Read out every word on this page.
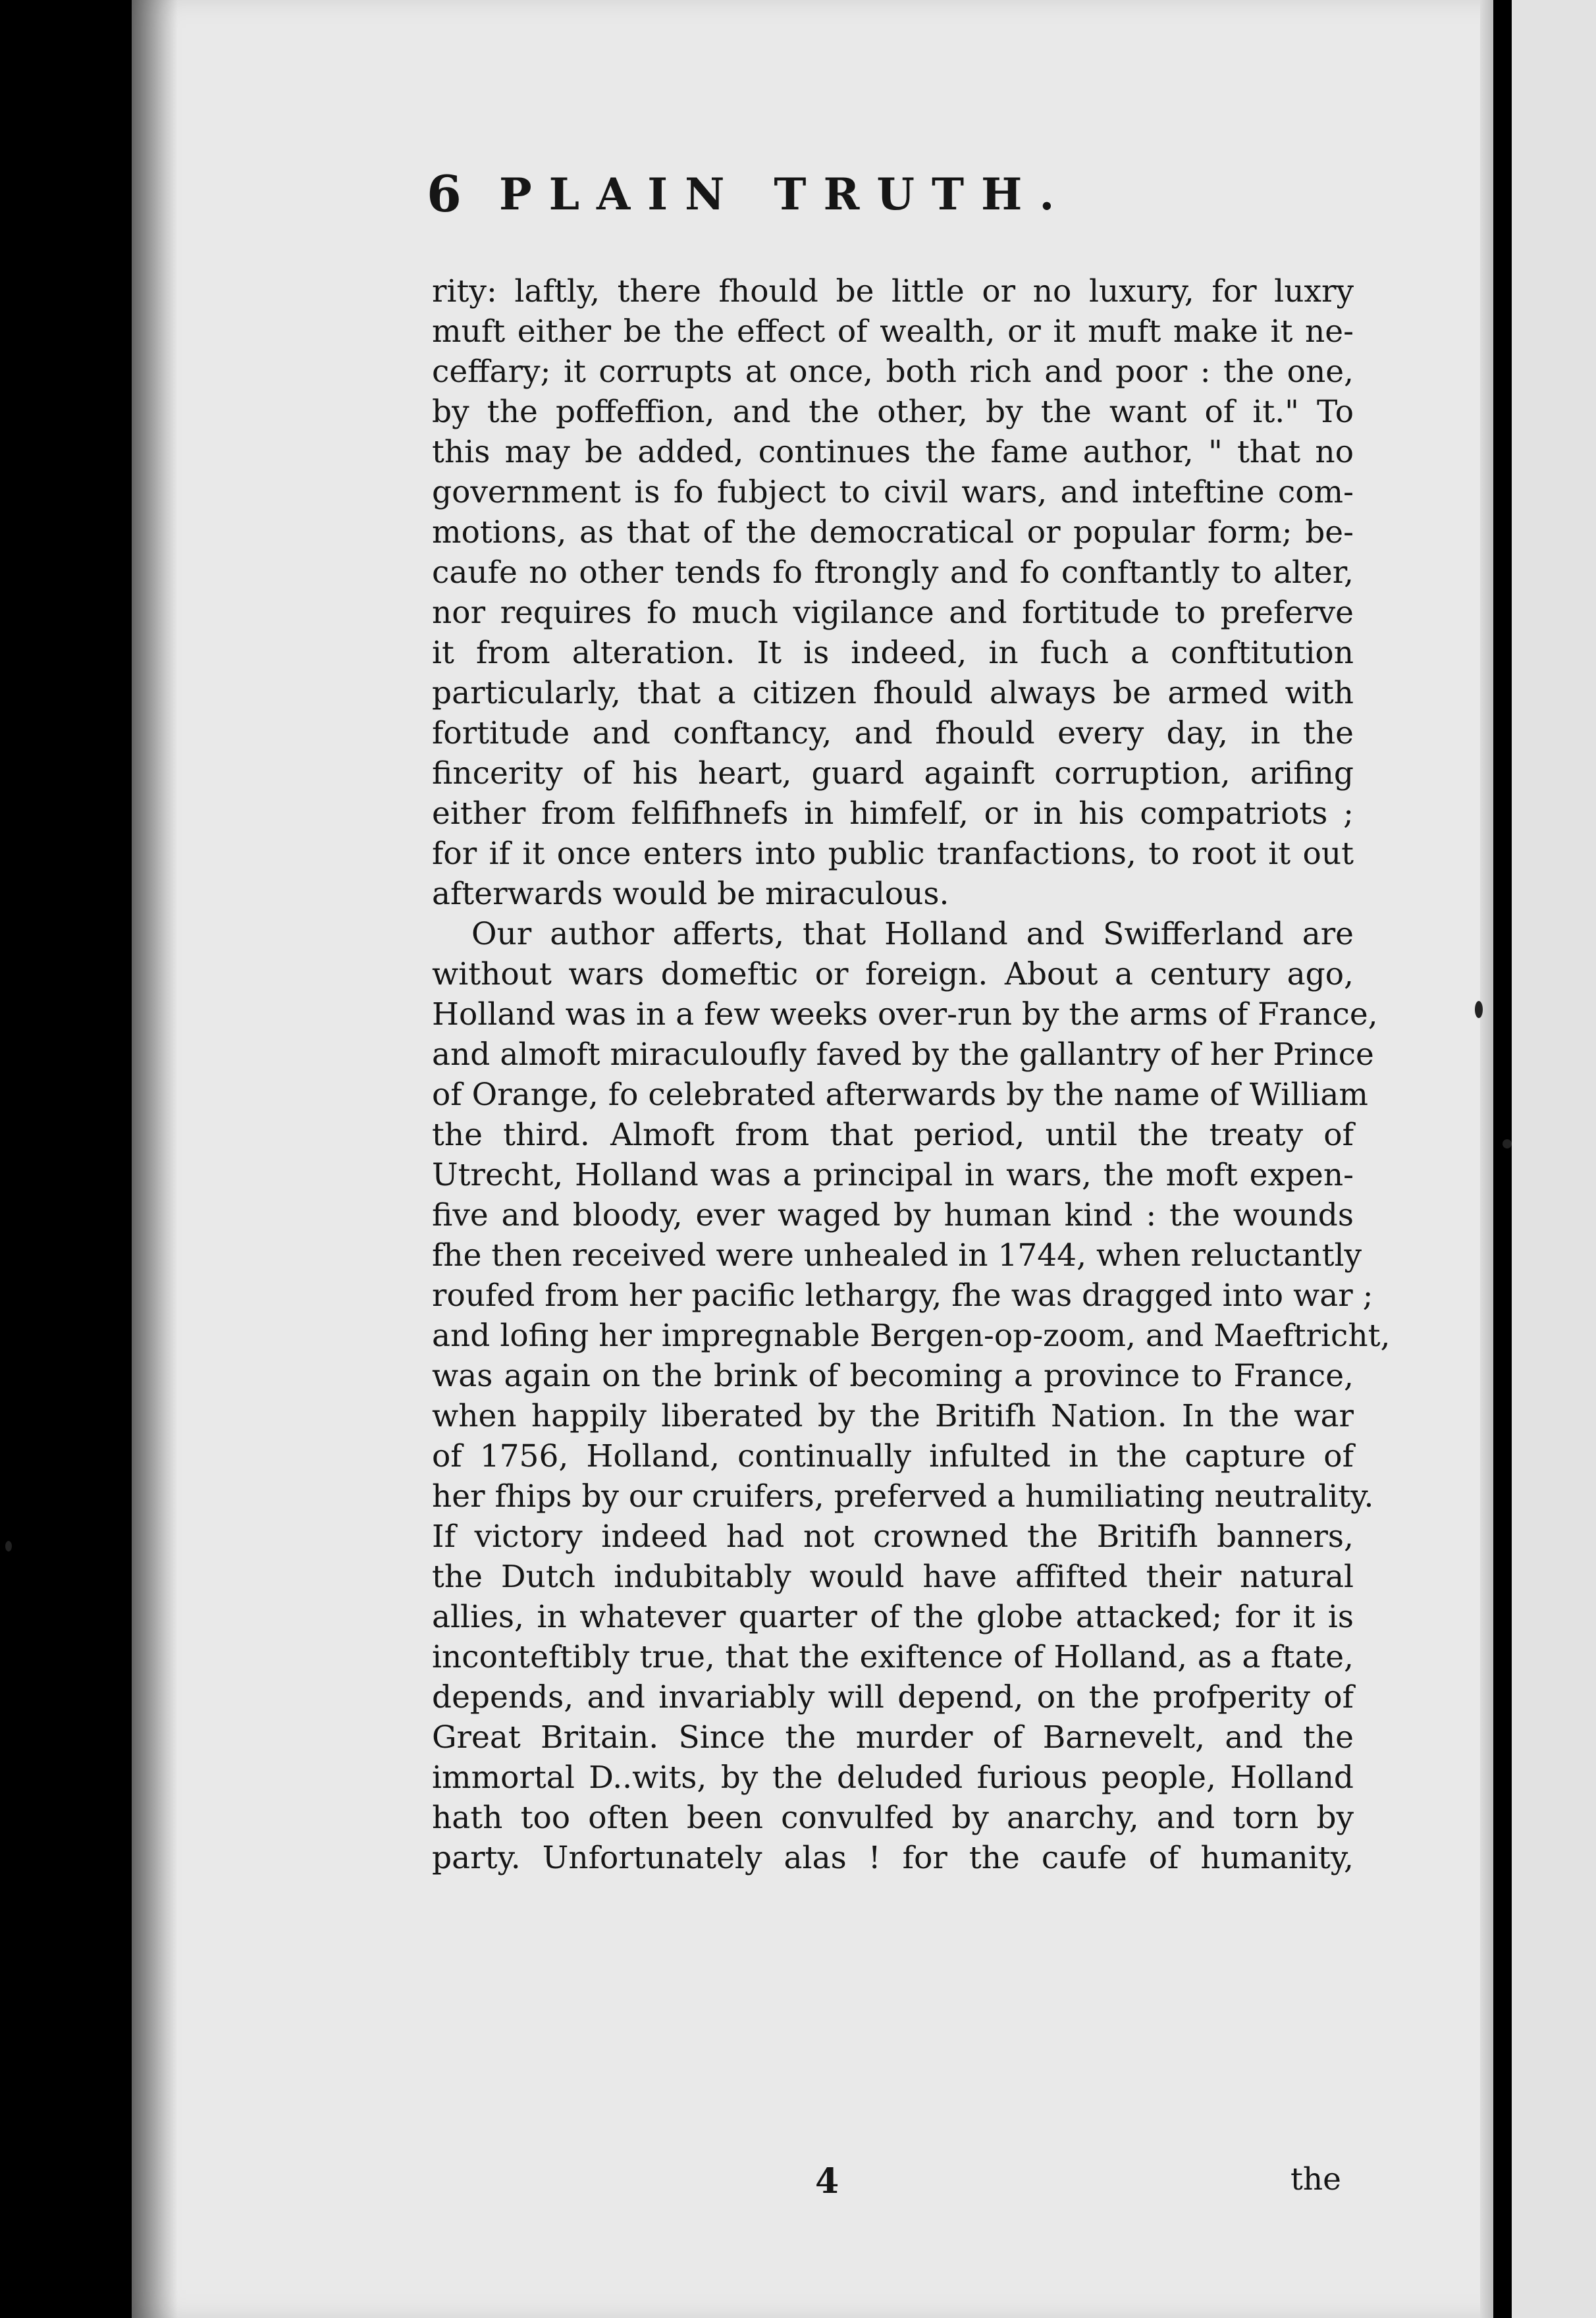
6 PLAIN TRUTH.
rity: laftly, there fhould be little or no luxury, for luxry
muft either be the effect of wealth, or it muft make it ne-
ceffary; it corrupts at once, both rich and poor : the one,
by the poffeffion, and the other, by the want of it." To
this may be added, continues the fame author, " that no
government is fo fubject to civil wars, and inteftine com-
motions, as that of the democratical or popular form; be-
caufe no other tends fo ftrongly and fo conftantly to alter,
nor requires fo much vigilance and fortitude to preferve
it from alteration. It is indeed, in fuch a conftitution
particularly, that a citizen fhould always be armed with
fortitude and conftancy, and fhould every day, in the
fincerity of his heart, guard againft corruption, arifing
either from felfifhnefs in himfelf, or in his compatriots ;
for if it once enters into public tranfactions, to root it out
afterwards would be miraculous.
Our author afferts, that Holland and Swifferland are
without wars domeftic or foreign. About a century ago,
Holland was in a few weeks over-run by the arms of France,
and almoft miraculoufly faved by the gallantry of her Prince
of Orange, fo celebrated afterwards by the name of William
the third. Almoft from that period, until the treaty of
Utrecht, Holland was a principal in wars, the moft expen-
five and bloody, ever waged by human kind : the wounds
fhe then received were unhealed in 1744, when reluctantly
roufed from her pacific lethargy, fhe was dragged into war ;
and lofing her impregnable Bergen-op-zoom, and Maeftricht,
was again on the brink of becoming a province to France,
when happily liberated by the Britifh Nation. In the war
of 1756, Holland, continually infulted in the capture of
her fhips by our cruifers, preferved a humiliating neutrality.
If victory indeed had not crowned the Britifh banners,
the Dutch indubitably would have affifted their natural
allies, in whatever quarter of the globe attacked; for it is
inconteftibly true, that the exiftence of Holland, as a ftate,
depends, and invariably will depend, on the profperity of
Great Britain. Since the murder of Barnevelt, and the
immortal D..wits, by the deluded furious people, Holland
hath too often been convulfed by anarchy, and torn by
party. Unfortunately alas ! for the caufe of humanity,
4	the
